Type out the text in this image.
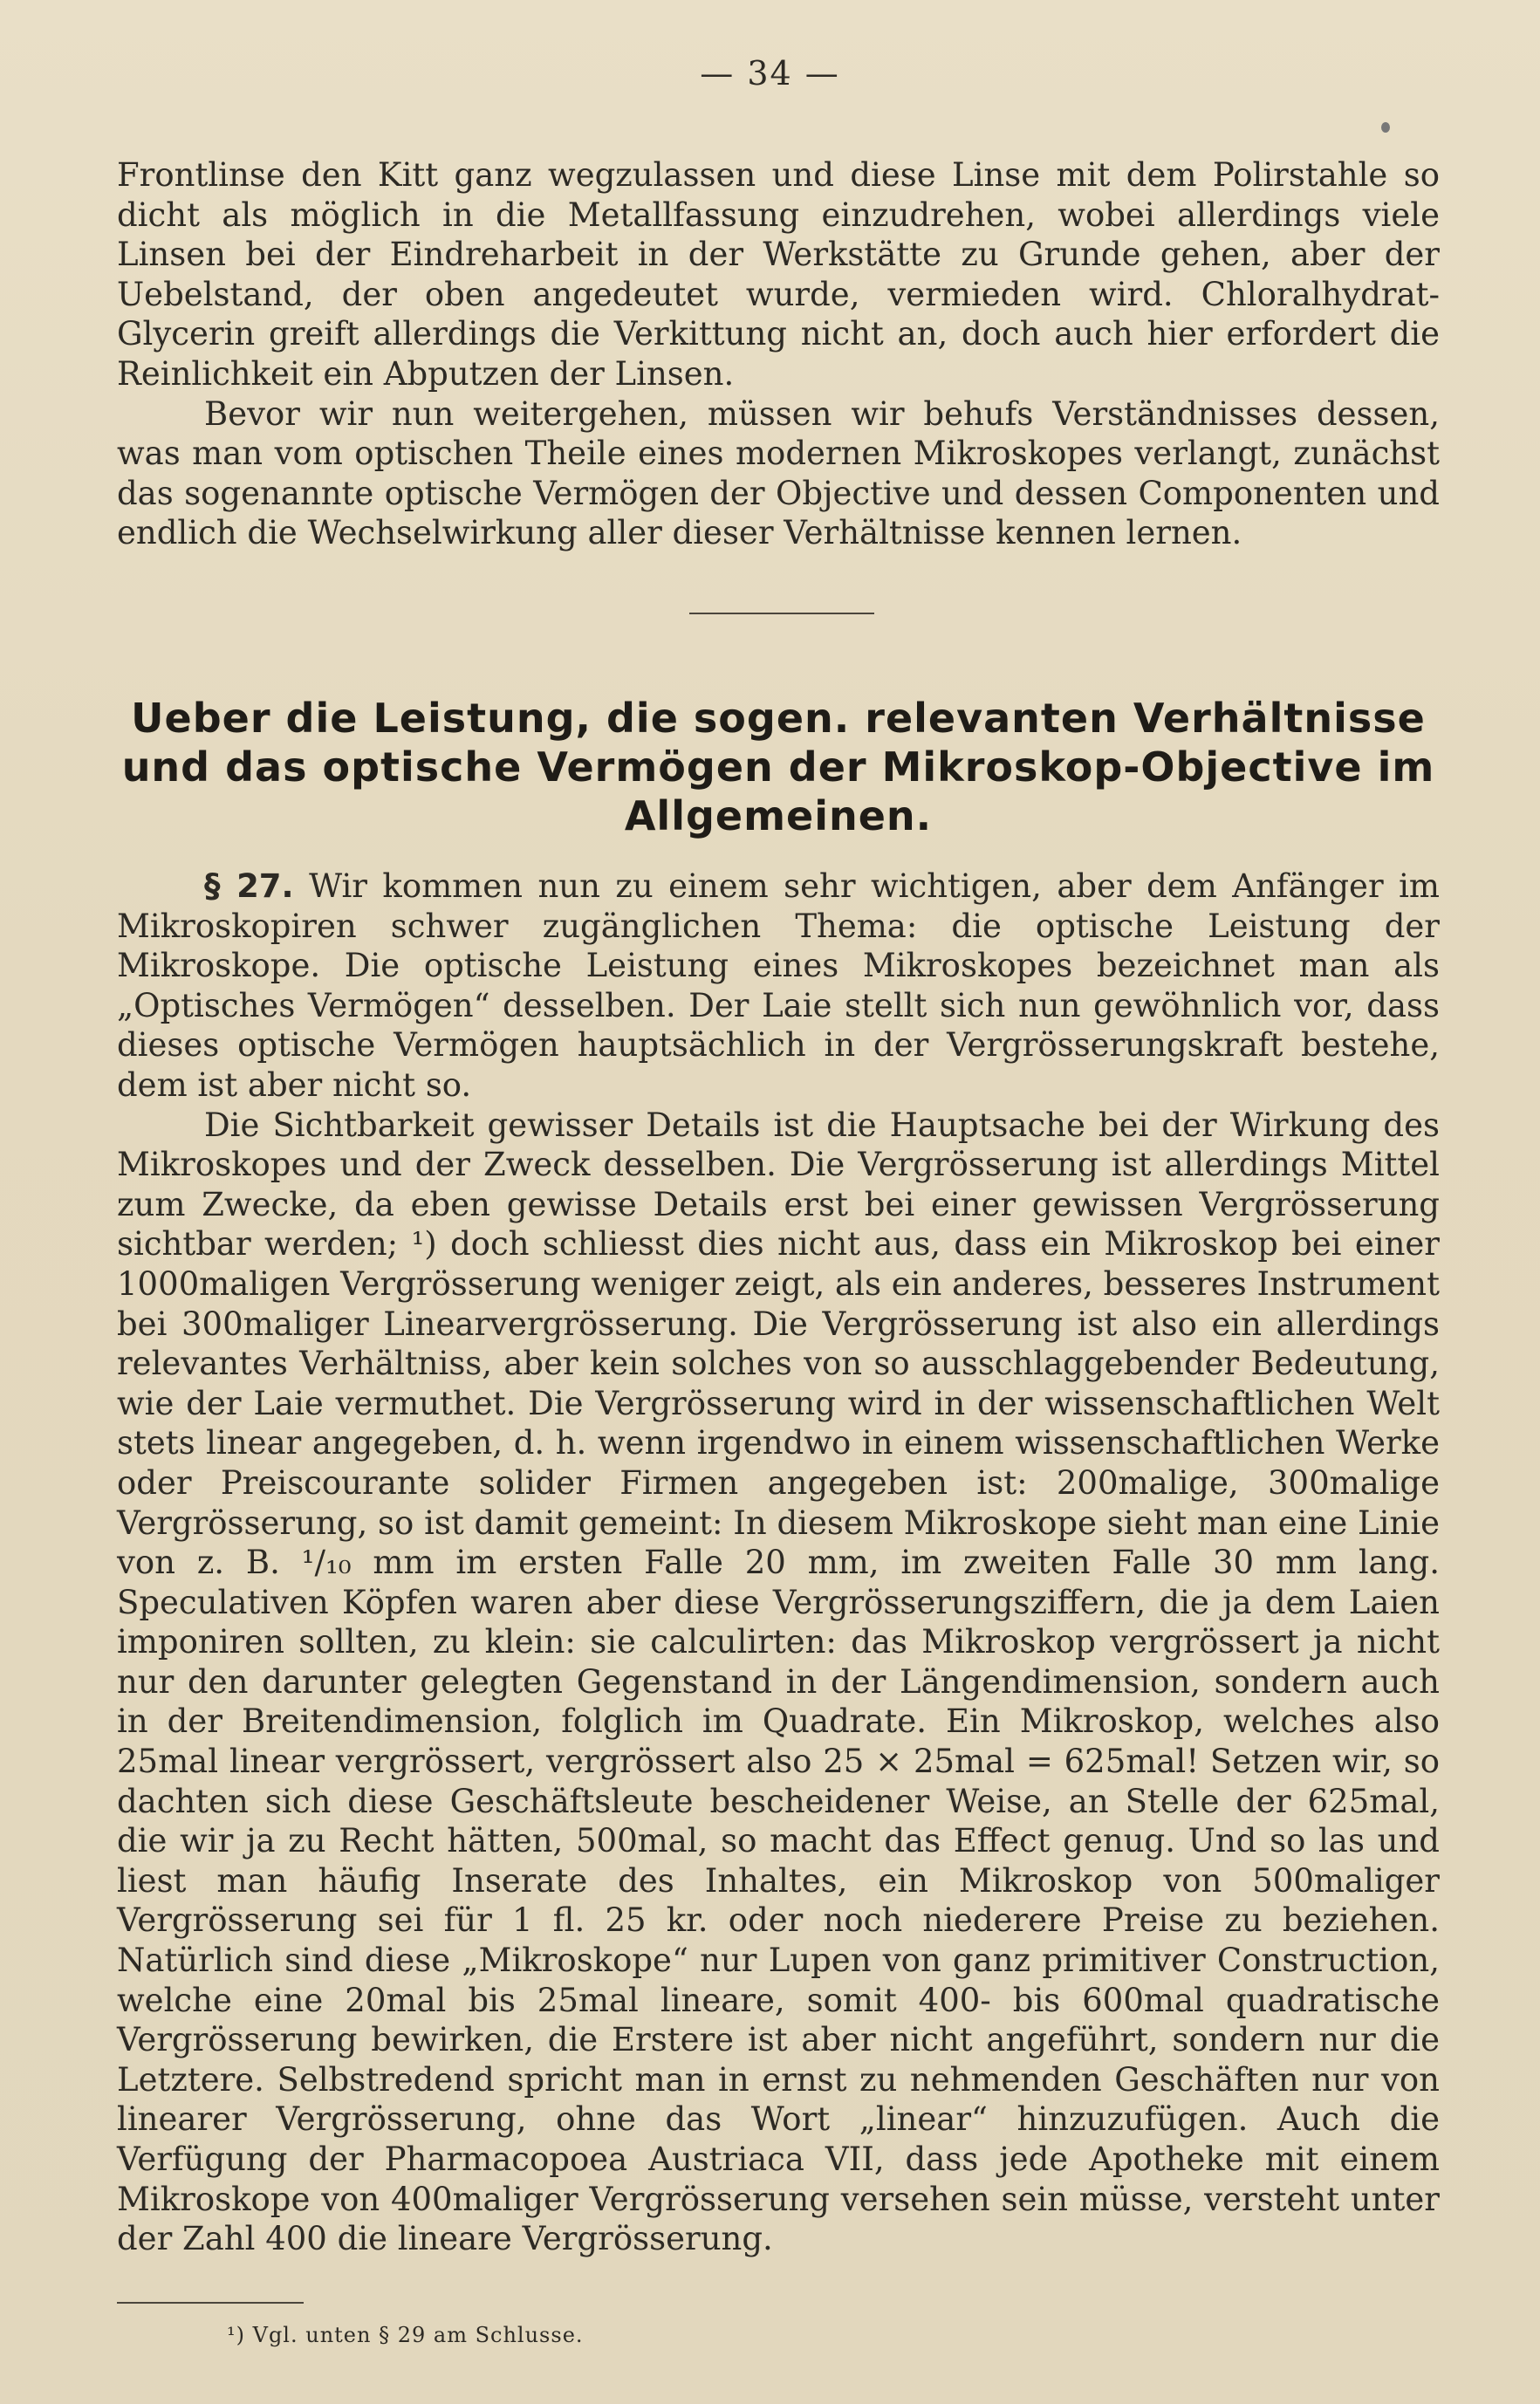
— 34 —

Frontlinse den Kitt ganz wegzulassen und diese Linse mit dem Polirstahle so dicht als möglich in die Metallfassung einzudrehen, wobei allerdings viele Linsen bei der Eindreharbeit in der Werkstätte zu Grunde gehen, aber der Uebelstand, der oben angedeutet wurde, vermieden wird. Chloralhydrat-Glycerin greift allerdings die Verkittung nicht an, doch auch hier erfordert die Reinlichkeit ein Abputzen der Linsen.

Bevor wir nun weitergehen, müssen wir behufs Verständnisses dessen, was man vom optischen Theile eines modernen Mikroskopes verlangt, zunächst das sogenannte optische Vermögen der Objective und dessen Componenten und endlich die Wechselwirkung aller dieser Verhältnisse kennen lernen.

Ueber die Leistung, die sogen. relevanten Verhältnisse und das optische Vermögen der Mikroskop-Objective im Allgemeinen.

§ 27. Wir kommen nun zu einem sehr wichtigen, aber dem Anfänger im Mikroskopiren schwer zugänglichen Thema: die optische Leistung der Mikroskope. Die optische Leistung eines Mikroskopes bezeichnet man als „Optisches Vermögen“ desselben. Der Laie stellt sich nun gewöhnlich vor, dass dieses optische Vermögen hauptsächlich in der Vergrösserungskraft bestehe, dem ist aber nicht so.

Die Sichtbarkeit gewisser Details ist die Hauptsache bei der Wirkung des Mikroskopes und der Zweck desselben. Die Vergrösserung ist allerdings Mittel zum Zwecke, da eben gewisse Details erst bei einer gewissen Vergrösserung sichtbar werden; ¹) doch schliesst dies nicht aus, dass ein Mikroskop bei einer 1000maligen Vergrösserung weniger zeigt, als ein anderes, besseres Instrument bei 300maliger Linearvergrösserung. Die Vergrösserung ist also ein allerdings relevantes Verhältniss, aber kein solches von so ausschlaggebender Bedeutung, wie der Laie vermuthet. Die Vergrösserung wird in der wissenschaftlichen Welt stets linear angegeben, d. h. wenn irgendwo in einem wissenschaftlichen Werke oder Preiscourante solider Firmen angegeben ist: 200malige, 300malige Vergrösserung, so ist damit gemeint: In diesem Mikroskope sieht man eine Linie von z. B. ¹/₁₀ mm im ersten Falle 20 mm, im zweiten Falle 30 mm lang. Speculativen Köpfen waren aber diese Vergrösserungsziffern, die ja dem Laien imponiren sollten, zu klein: sie calculirten: das Mikroskop vergrössert ja nicht nur den darunter gelegten Gegenstand in der Längendimension, sondern auch in der Breitendimension, folglich im Quadrate. Ein Mikroskop, welches also 25mal linear vergrössert, vergrössert also 25 × 25mal = 625mal! Setzen wir, so dachten sich diese Geschäftsleute bescheidener Weise, an Stelle der 625mal, die wir ja zu Recht hätten, 500mal, so macht das Effect genug. Und so las und liest man häufig Inserate des Inhaltes, ein Mikroskop von 500maliger Vergrösserung sei für 1 fl. 25 kr. oder noch niederere Preise zu beziehen. Natürlich sind diese „Mikroskope“ nur Lupen von ganz primitiver Construction, welche eine 20mal bis 25mal lineare, somit 400- bis 600mal quadratische Vergrösserung bewirken, die Erstere ist aber nicht angeführt, sondern nur die Letztere. Selbstredend spricht man in ernst zu nehmenden Geschäften nur von linearer Vergrösserung, ohne das Wort „linear“ hinzuzufügen. Auch die Verfügung der Pharmacopoea Austriaca VII, dass jede Apotheke mit einem Mikroskope von 400maliger Vergrösserung versehen sein müsse, versteht unter der Zahl 400 die lineare Vergrösserung.

¹) Vgl. unten § 29 am Schlusse.
